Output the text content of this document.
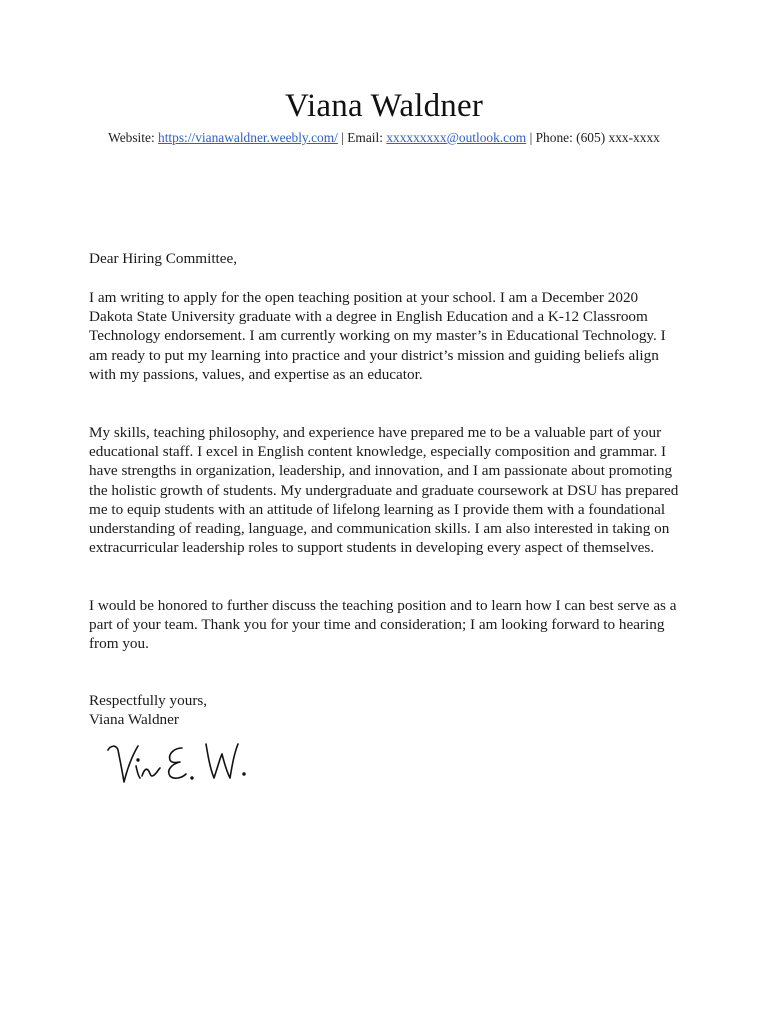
Viana Waldner
Website: https://vianawaldner.weebly.com/ | Email: xxxxxxxxx@outlook.com | Phone: (605) xxx-xxxx
Dear Hiring Committee,

I am writing to apply for the open teaching position at your school. I am a December 2020 Dakota State University graduate with a degree in English Education and a K-12 Classroom Technology endorsement. I am currently working on my master’s in Educational Technology. I am ready to put my learning into practice and your district’s mission and guiding beliefs align with my passions, values, and expertise as an educator.

My skills, teaching philosophy, and experience have prepared me to be a valuable part of your educational staff. I excel in English content knowledge, especially composition and grammar. I have strengths in organization, leadership, and innovation, and I am passionate about promoting the holistic growth of students. My undergraduate and graduate coursework at DSU has prepared me to equip students with an attitude of lifelong learning as I provide them with a foundational understanding of reading, language, and communication skills. I am also interested in taking on extracurricular leadership roles to support students in developing every aspect of themselves.

I would be honored to further discuss the teaching position and to learn how I can best serve as a part of your team. Thank you for your time and consideration; I am looking forward to hearing from you.

Respectfully yours,
Viana Waldner
